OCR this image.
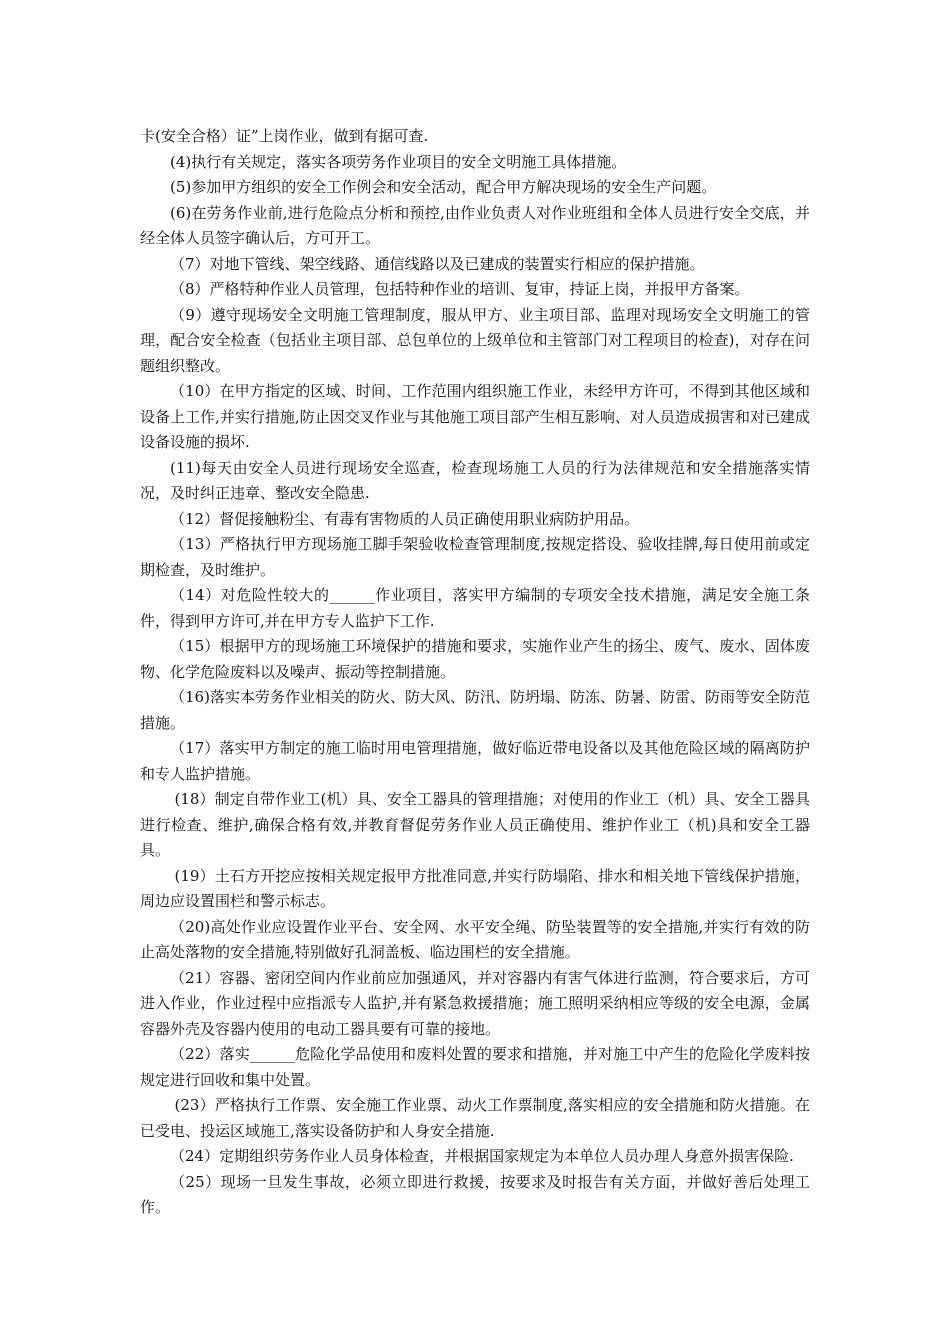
卡(安全合格）证”上岗作业，做到有据可查.

(4)执行有关规定，落实各项劳务作业项目的安全文明施工具体措施。

(5)参加甲方组织的安全工作例会和安全活动，配合甲方解决现场的安全生产问题。

(6)在劳务作业前,进行危险点分析和预控,由作业负责人对作业班组和全体人员进行安全交底，并经全体人员签字确认后，方可开工。

（7）对地下管线、架空线路、通信线路以及已建成的装置实行相应的保护措施。

（8）严格特种作业人员管理，包括特种作业的培训、复审，持证上岗，并报甲方备案。

（9）遵守现场安全文明施工管理制度，服从甲方、业主项目部、监理对现场安全文明施工的管理，配合安全检查（包括业主项目部、总包单位的上级单位和主管部门对工程项目的检查)，对存在问题组织整改。

（10）在甲方指定的区域、时间、工作范围内组织施工作业，未经甲方许可，不得到其他区域和设备上工作,并实行措施,防止因交叉作业与其他施工项目部产生相互影响、对人员造成损害和对已建成设备设施的损坏.

(11)每天由安全人员进行现场安全巡查，检查现场施工人员的行为法律规范和安全措施落实情况，及时纠正违章、整改安全隐患.

（12）督促接触粉尘、有毒有害物质的人员正确使用职业病防护用品。

（13）严格执行甲方现场施工脚手架验收检查管理制度,按规定搭设、验收挂牌,每日使用前或定期检查，及时维护。

（14）对危险性较大的______作业项目，落实甲方编制的专项安全技术措施，满足安全施工条件，得到甲方许可,并在甲方专人监护下工作.

（15）根据甲方的现场施工环境保护的措施和要求，实施作业产生的扬尘、废气、废水、固体废物、化学危险废料以及噪声、振动等控制措施。

（16)落实本劳务作业相关的防火、防大风、防汛、防坍塌、防冻、防暑、防雷、防雨等安全防范措施。

（17）落实甲方制定的施工临时用电管理措施，做好临近带电设备以及其他危险区域的隔离防护和专人监护措施。

(18）制定自带作业工(机）具、安全工器具的管理措施；对使用的作业工（机）具、安全工器具进行检查、维护,确保合格有效,并教育督促劳务作业人员正确使用、维护作业工（机)具和安全工器具。

(19）土石方开挖应按相关规定报甲方批准同意,并实行防塌陷、排水和相关地下管线保护措施，周边应设置围栏和警示标志。

（20)高处作业应设置作业平台、安全网、水平安全绳、防坠装置等的安全措施,并实行有效的防止高处落物的安全措施,特别做好孔洞盖板、临边围栏的安全措施。

（21）容器、密闭空间内作业前应加强通风，并对容器内有害气体进行监测，符合要求后，方可进入作业，作业过程中应指派专人监护,并有紧急救援措施；施工照明采纳相应等级的安全电源，金属容器外壳及容器内使用的电动工器具要有可靠的接地。

（22）落实______危险化学品使用和废料处置的要求和措施，并对施工中产生的危险化学废料按规定进行回收和集中处置。

(23）严格执行工作票、安全施工作业票、动火工作票制度,落实相应的安全措施和防火措施。在已受电、投运区域施工,落实设备防护和人身安全措施.

（24）定期组织劳务作业人员身体检查，并根据国家规定为本单位人员办理人身意外损害保险.

（25）现场一旦发生事故，必须立即进行救援，按要求及时报告有关方面，并做好善后处理工作。
